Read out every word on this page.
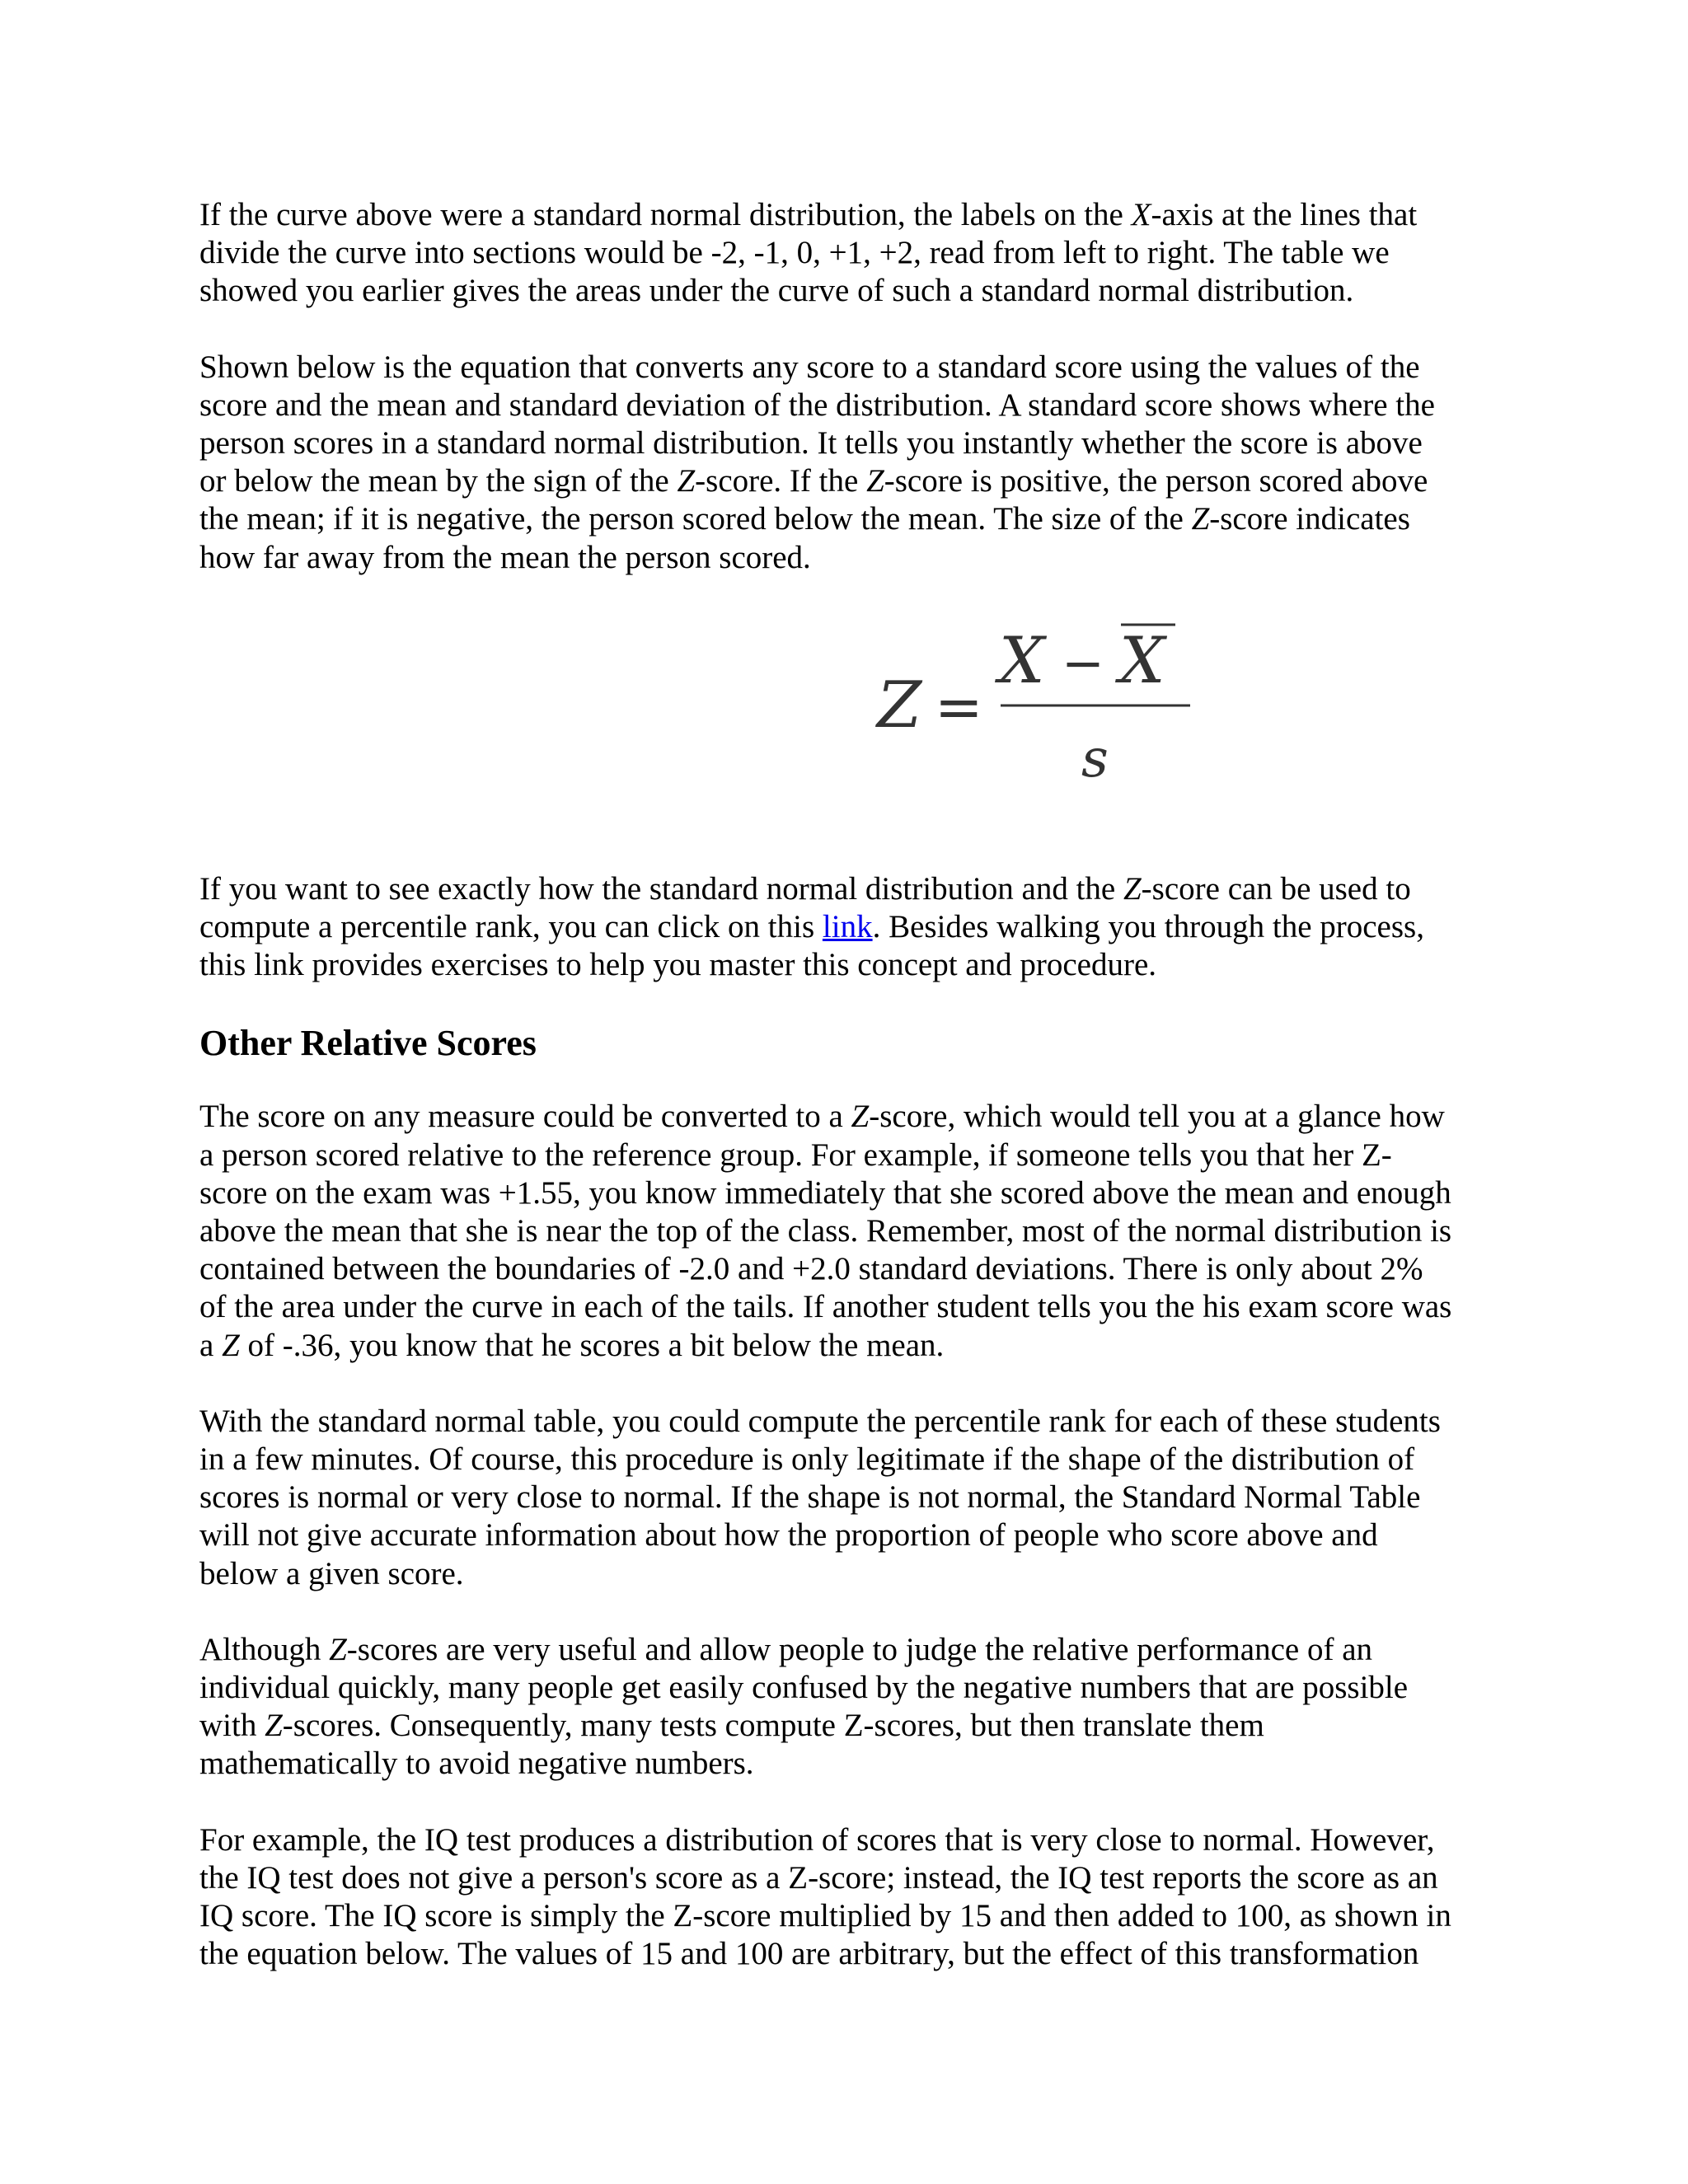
If the curve above were a standard normal distribution, the labels on the X-axis at the lines that
divide the curve into sections would be -2, -1, 0, +1, +2, read from left to right. The table we
showed you earlier gives the areas under the curve of such a standard normal distribution.

Shown below is the equation that converts any score to a standard score using the values of the
score and the mean and standard deviation of the distribution. A standard score shows where the
person scores in a standard normal distribution. It tells you instantly whether the score is above
or below the mean by the sign of the Z-score. If the Z-score is positive, the person scored above
the mean; if it is negative, the person scored below the mean. The size of the Z-score indicates
how far away from the mean the person scored.

Z =
X − X
s

If you want to see exactly how the standard normal distribution and the Z-score can be used to
compute a percentile rank, you can click on this link. Besides walking you through the process,
this link provides exercises to help you master this concept and procedure.

Other Relative Scores

The score on any measure could be converted to a Z-score, which would tell you at a glance how
a person scored relative to the reference group. For example, if someone tells you that her Z-
score on the exam was +1.55, you know immediately that she scored above the mean and enough
above the mean that she is near the top of the class. Remember, most of the normal distribution is
contained between the boundaries of -2.0 and +2.0 standard deviations. There is only about 2%
of the area under the curve in each of the tails. If another student tells you the his exam score was
a Z of -.36, you know that he scores a bit below the mean.

With the standard normal table, you could compute the percentile rank for each of these students
in a few minutes. Of course, this procedure is only legitimate if the shape of the distribution of
scores is normal or very close to normal. If the shape is not normal, the Standard Normal Table
will not give accurate information about how the proportion of people who score above and
below a given score.

Although Z-scores are very useful and allow people to judge the relative performance of an
individual quickly, many people get easily confused by the negative numbers that are possible
with Z-scores. Consequently, many tests compute Z-scores, but then translate them
mathematically to avoid negative numbers.

For example, the IQ test produces a distribution of scores that is very close to normal. However,
the IQ test does not give a person's score as a Z-score; instead, the IQ test reports the score as an
IQ score. The IQ score is simply the Z-score multiplied by 15 and then added to 100, as shown in
the equation below. The values of 15 and 100 are arbitrary, but the effect of this transformation
